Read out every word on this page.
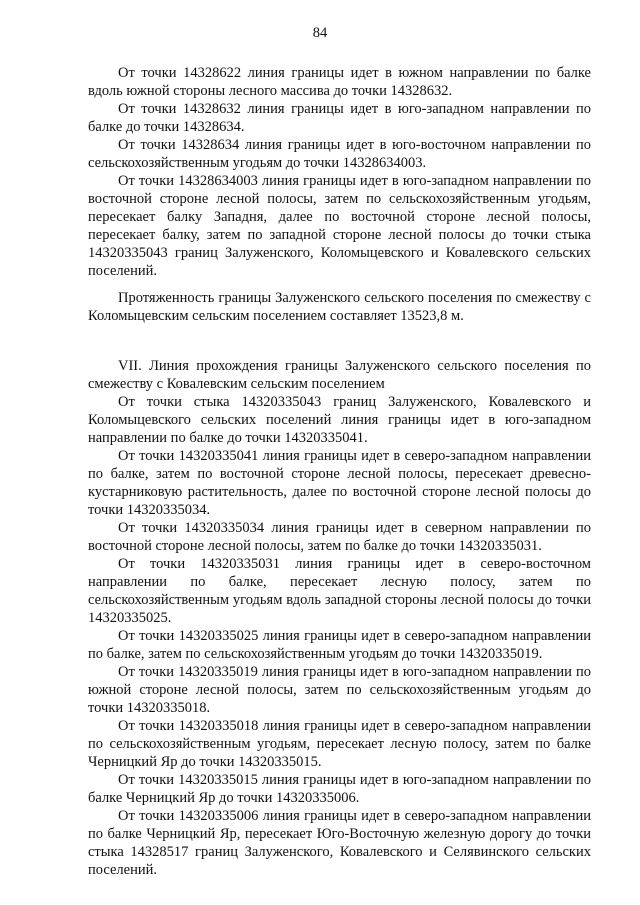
84

От точки 14328622 линия границы идет в южном направлении по балке вдоль южной стороны лесного массива до точки 14328632.

От точки 14328632 линия границы идет в юго-западном направлении по балке до точки 14328634.

От точки 14328634 линия границы идет в юго-восточном направлении по сельскохозяйственным угодьям до точки 14328634003.

От точки 14328634003 линия границы идет в юго-западном направлении по восточной стороне лесной полосы, затем по сельскохозяйственным угодьям, пересекает балку Западня, далее по восточной стороне лесной полосы, пересекает балку, затем по западной стороне лесной полосы до точки стыка 14320335043 границ Залуженского, Коломыцевского и Ковалевского сельских поселений.

Протяженность границы Залуженского сельского поселения по смежеству с Коломыцевским сельским поселением составляет 13523,8 м.

VII. Линия прохождения границы Залуженского сельского поселения по смежеству с Ковалевским сельским поселением

От точки стыка 14320335043 границ Залуженского, Ковалевского и Коломыцевского сельских поселений линия границы идет в юго-западном направлении по балке до точки 14320335041.

От точки 14320335041 линия границы идет в северо-западном направлении по балке, затем по восточной стороне лесной полосы, пересекает древесно-кустарниковую растительность, далее по восточной стороне лесной полосы до точки 14320335034.

От точки 14320335034 линия границы идет в северном направлении по восточной стороне лесной полосы, затем по балке до точки 14320335031.

От точки 14320335031 линия границы идет в северо-восточном направлении по балке, пересекает лесную полосу, затем по сельскохозяйственным угодьям вдоль западной стороны лесной полосы до точки 14320335025.

От точки 14320335025 линия границы идет в северо-западном направлении по балке, затем по сельскохозяйственным угодьям до точки 14320335019.

От точки 14320335019 линия границы идет в юго-западном направлении по южной стороне лесной полосы, затем по сельскохозяйственным угодьям до точки 14320335018.

От точки 14320335018 линия границы идет в северо-западном направлении по сельскохозяйственным угодьям, пересекает лесную полосу, затем по балке Черницкий Яр до точки 14320335015.

От точки 14320335015 линия границы идет в юго-западном направлении по балке Черницкий Яр до точки 14320335006.

От точки 14320335006 линия границы идет в северо-западном направлении по балке Черницкий Яр, пересекает Юго-Восточную железную дорогу до точки стыка 14328517 границ Залуженского, Ковалевского и Селявинского сельских поселений.
